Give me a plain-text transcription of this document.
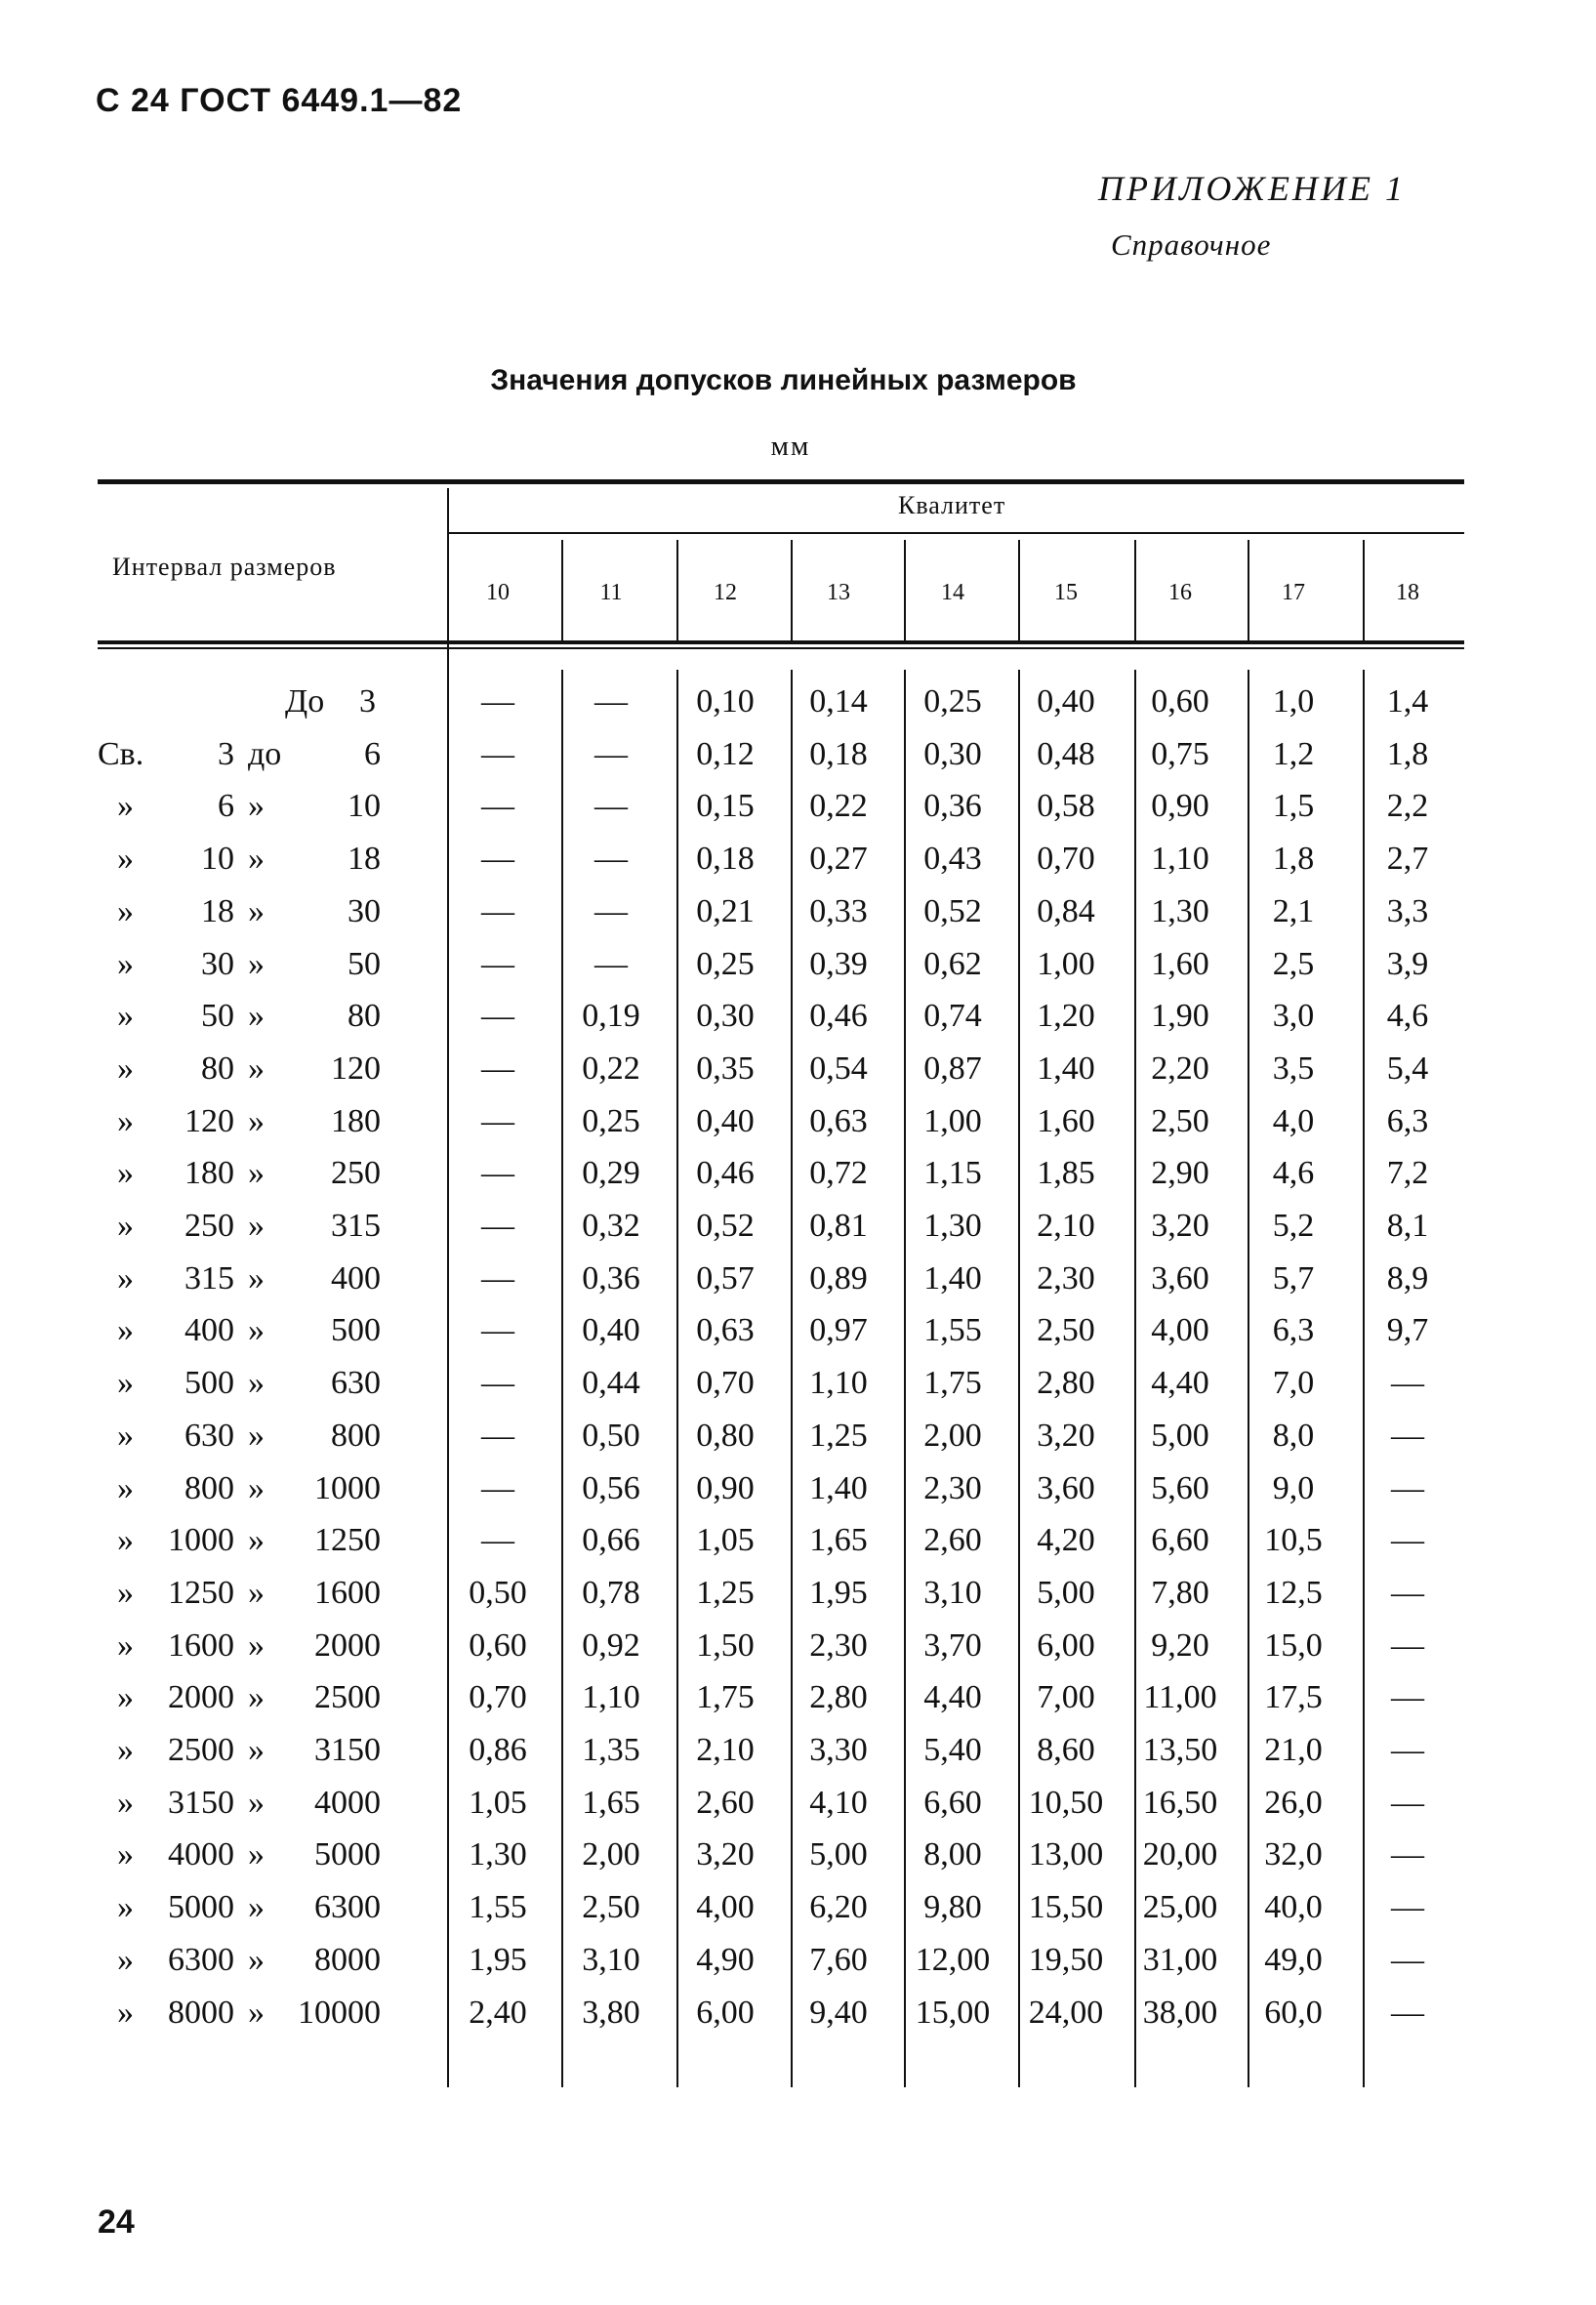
С 24 ГОСТ 6449.1—82
ПРИЛОЖЕНИЕ 1
Справочное
Значения допусков линейных размеров
мм
Интервал размеров
Квалитет
10	11	12	13	14	15	16	17	18
До	3	—	—	0,10	0,14	0,25	0,40	0,60	1,0	1,4
Св.	3 до	6	—	—	0,12	0,18	0,30	0,48	0,75	1,2	1,8
»	6 »	10	—	—	0,15	0,22	0,36	0,58	0,90	1,5	2,2
»	10 »	18	—	—	0,18	0,27	0,43	0,70	1,10	1,8	2,7
»	18 »	30	—	—	0,21	0,33	0,52	0,84	1,30	2,1	3,3
»	30 »	50	—	—	0,25	0,39	0,62	1,00	1,60	2,5	3,9
»	50 »	80	—	0,19	0,30	0,46	0,74	1,20	1,90	3,0	4,6
»	80 »	120	—	0,22	0,35	0,54	0,87	1,40	2,20	3,5	5,4
»	120 »	180	—	0,25	0,40	0,63	1,00	1,60	2,50	4,0	6,3
»	180 »	250	—	0,29	0,46	0,72	1,15	1,85	2,90	4,6	7,2
»	250 »	315	—	0,32	0,52	0,81	1,30	2,10	3,20	5,2	8,1
»	315 »	400	—	0,36	0,57	0,89	1,40	2,30	3,60	5,7	8,9
»	400 »	500	—	0,40	0,63	0,97	1,55	2,50	4,00	6,3	9,7
»	500 »	630	—	0,44	0,70	1,10	1,75	2,80	4,40	7,0	—
»	630 »	800	—	0,50	0,80	1,25	2,00	3,20	5,00	8,0	—
»	800 »	1000	—	0,56	0,90	1,40	2,30	3,60	5,60	9,0	—
»	1000 »	1250	—	0,66	1,05	1,65	2,60	4,20	6,60	10,5	—
»	1250 »	1600	0,50	0,78	1,25	1,95	3,10	5,00	7,80	12,5	—
»	1600 »	2000	0,60	0,92	1,50	2,30	3,70	6,00	9,20	15,0	—
»	2000 »	2500	0,70	1,10	1,75	2,80	4,40	7,00	11,00	17,5	—
»	2500 »	3150	0,86	1,35	2,10	3,30	5,40	8,60	13,50	21,0	—
»	3150 »	4000	1,05	1,65	2,60	4,10	6,60	10,50	16,50	26,0	—
»	4000 »	5000	1,30	2,00	3,20	5,00	8,00	13,00	20,00	32,0	—
»	5000 »	6300	1,55	2,50	4,00	6,20	9,80	15,50	25,00	40,0	—
»	6300 »	8000	1,95	3,10	4,90	7,60	12,00	19,50	31,00	49,0	—
»	8000 » 10000	2,40	3,80	6,00	9,40	15,00	24,00	38,00	60,0	—
24
